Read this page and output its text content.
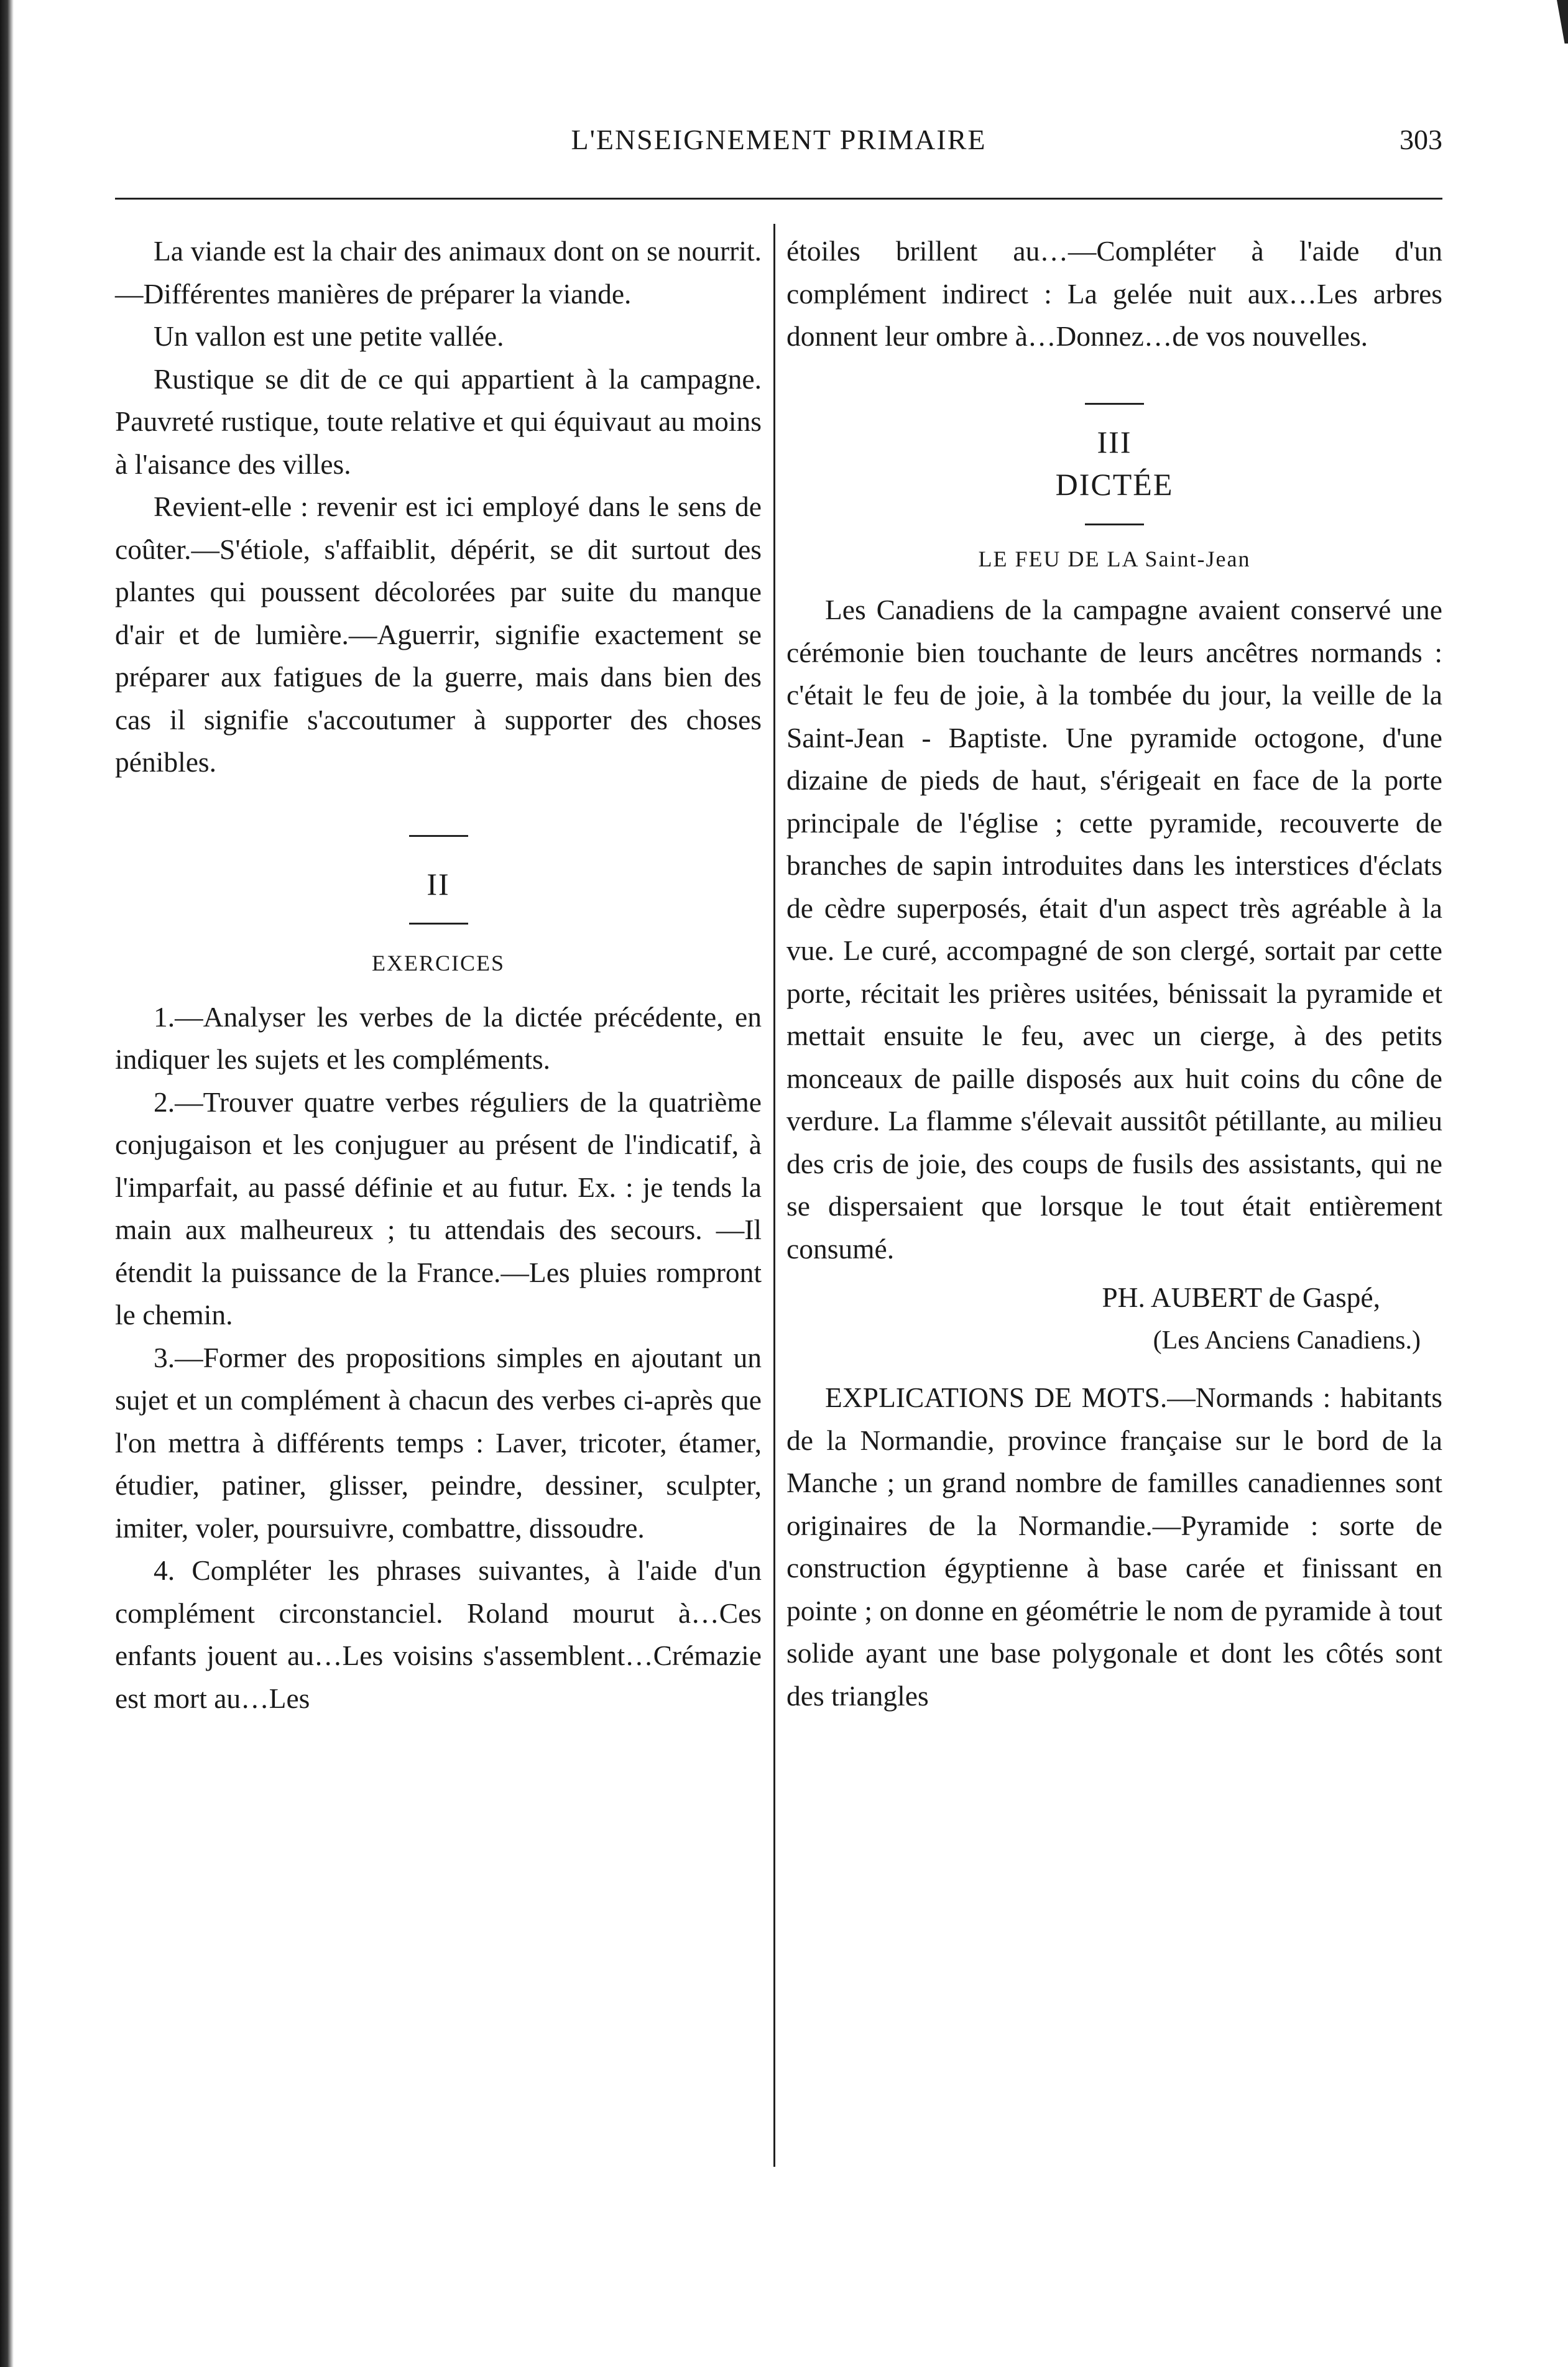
L'ENSEIGNEMENT PRIMAIRE	303

La viande est la chair des animaux dont on se nourrit.—Différentes manières de préparer la viande.

Un vallon est une petite vallée.

Rustique se dit de ce qui appartient à la campagne. Pauvreté rustique, toute relative et qui équivaut au moins à l'aisance des villes.

Revient-elle : revenir est ici employé dans le sens de coûter.—S'étiole, s'affaiblit, dépérit, se dit surtout des plantes qui poussent décolorées par suite du manque d'air et de lumière.—Aguerrir, signifie exactement se préparer aux fatigues de la guerre, mais dans bien des cas il signifie s'accoutumer à supporter des choses pénibles.

II

EXERCICES

1.—Analyser les verbes de la dictée précédente, en indiquer les sujets et les compléments.

2.—Trouver quatre verbes réguliers de la quatrième conjugaison et les conjuguer au présent de l'indicatif, à l'imparfait, au passé définie et au futur. Ex. : je tends la main aux malheureux ; tu attendais des secours. —Il étendit la puissance de la France.—Les pluies rompront le chemin.

3.—Former des propositions simples en ajoutant un sujet et un complément à chacun des verbes ci-après que l'on mettra à différents temps : Laver, tricoter, étamer, étudier, patiner, glisser, peindre, dessiner, sculpter, imiter, voler, poursuivre, combattre, dissoudre.

4. Compléter les phrases suivantes, à l'aide d'un complément circonstanciel. Roland mourut à…Ces enfants jouent au…Les voisins s'assemblent…Crémazie est mort au…Les

étoiles brillent au…—Compléter à l'aide d'un complément indirect : La gelée nuit aux…Les arbres donnent leur ombre à…Donnez…de vos nouvelles.

III

DICTÉE

LE FEU DE LA Saint-Jean

Les Canadiens de la campagne avaient conservé une cérémonie bien touchante de leurs ancêtres normands : c'était le feu de joie, à la tombée du jour, la veille de la Saint-Jean - Baptiste. Une pyramide octogone, d'une dizaine de pieds de haut, s'érigeait en face de la porte principale de l'église ; cette pyramide, recouverte de branches de sapin introduites dans les interstices d'éclats de cèdre superposés, était d'un aspect très agréable à la vue. Le curé, accompagné de son clergé, sortait par cette porte, récitait les prières usitées, bénissait la pyramide et mettait ensuite le feu, avec un cierge, à des petits monceaux de paille disposés aux huit coins du cône de verdure. La flamme s'élevait aussitôt pétillante, au milieu des cris de joie, des coups de fusils des assistants, qui ne se dispersaient que lorsque le tout était entièrement consumé.

PH. AUBERT de Gaspé,

(Les Anciens Canadiens.)

EXPLICATIONS DE MOTS.—Normands : habitants de la Normandie, province française sur le bord de la Manche ; un grand nombre de familles canadiennes sont originaires de la Normandie.—Pyramide : sorte de construction égyptienne à base carée et finissant en pointe ; on donne en géométrie le nom de pyramide à tout solide ayant une base polygonale et dont les côtés sont des triangles
